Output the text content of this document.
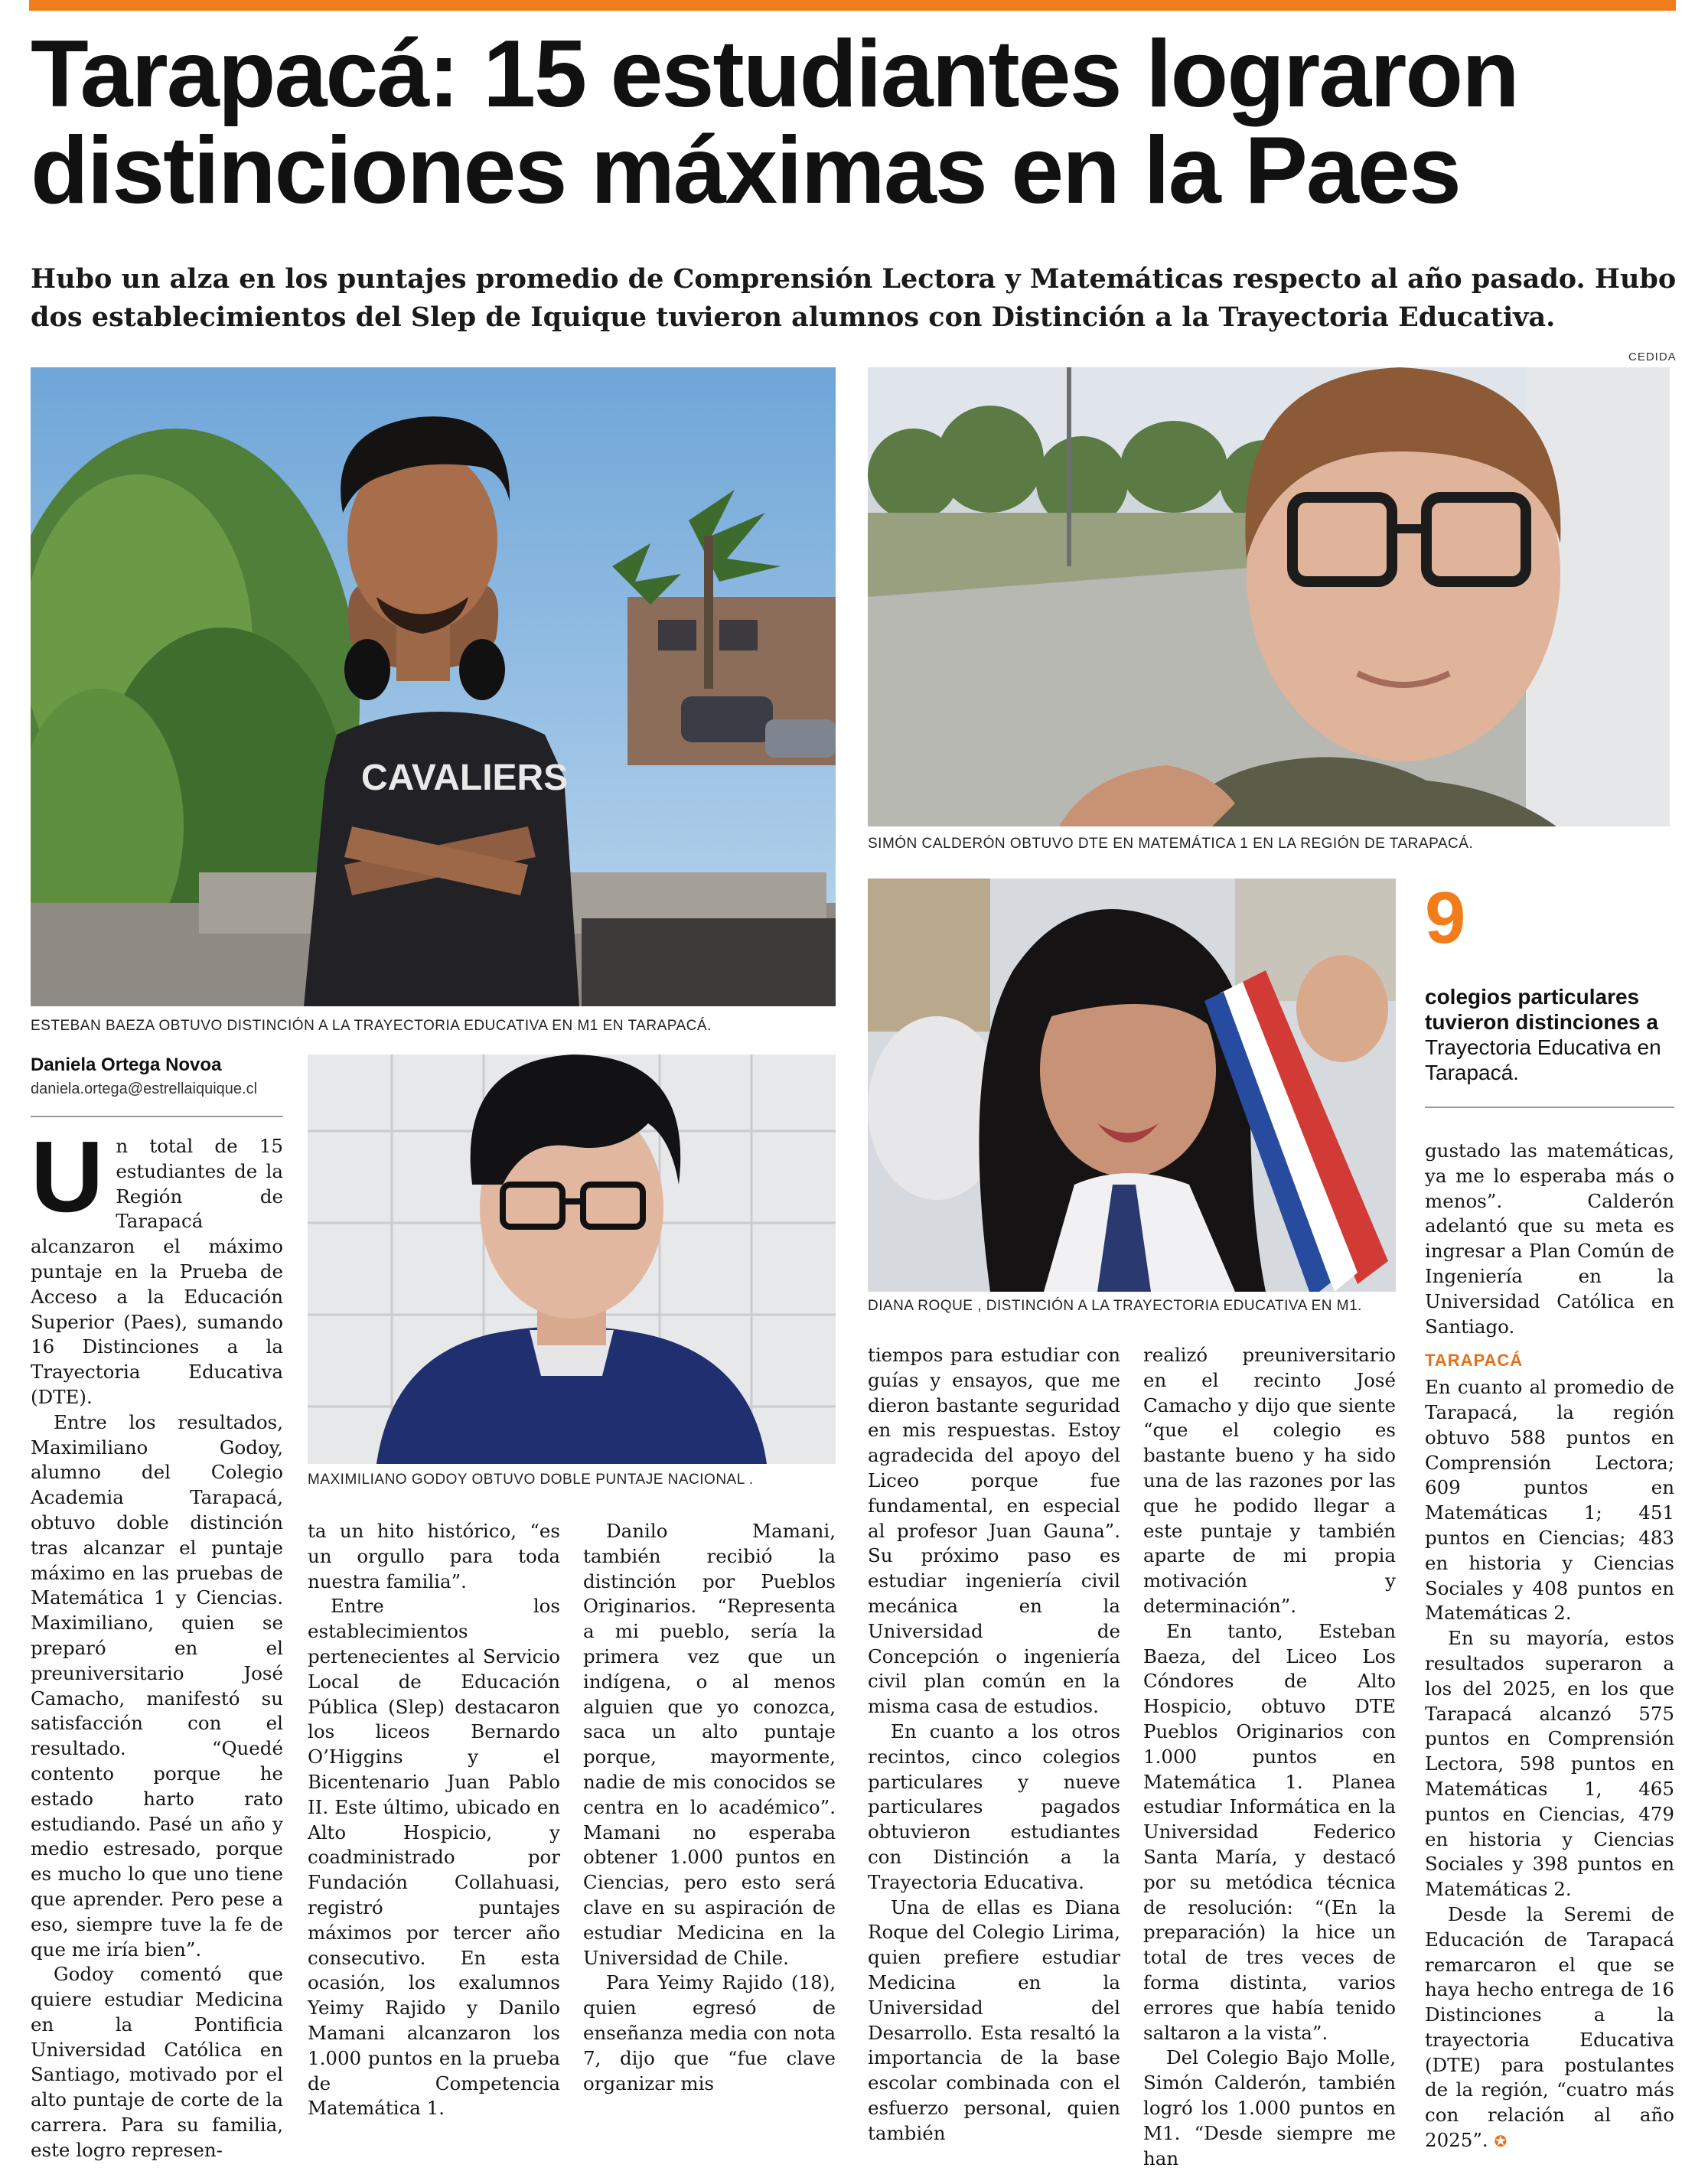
Tarapacá: 15 estudiantes lograron distinciones máximas en la Paes

Hubo un alza en los puntajes promedio de Comprensión Lectora y Matemáticas respecto al año pasado. Hubo dos establecimientos del Slep de Iquique tuvieron alumnos con Distinción a la Trayectoria Educativa.

CEDIDA
CAVALIERS
ESTEBAN BAEZA OBTUVO DISTINCIÓN A LA TRAYECTORIA EDUCATIVA EN M1 EN TARAPACÁ.
SIMÓN CALDERÓN OBTUVO DTE EN MATEMÁTICA 1 EN LA REGIÓN DE TARAPACÁ.
DIANA ROQUE , DISTINCIÓN A LA TRAYECTORIA EDUCATIVA EN M1.
MAXIMILIANO GODOY OBTUVO DOBLE PUNTAJE NACIONAL .
Daniela Ortega Novoa
daniela.ortega@estrellaiquique.cl
9
colegios particulares tuvieron distinciones a
Trayectoria Educativa en Tarapacá.
U n total de 15 estudiantes de la Región de Tarapacá alcanzaron el máximo puntaje en la Prueba de Acceso a la Educación Superior (Paes), sumando 16 Distinciones a la Trayectoria Educativa (DTE).

Entre los resultados, Maximiliano Godoy, alumno del Colegio Academia Tarapacá, obtuvo doble distinción tras alcanzar el puntaje máximo en las pruebas de Matemática 1 y Ciencias. Maximiliano, quien se preparó en el preuniversitario José Camacho, manifestó su satisfacción con el resultado. “Quedé contento porque he estado harto rato estudiando. Pasé un año y medio estresado, porque es mucho lo que uno tiene que aprender. Pero pese a eso, siempre tuve la fe de que me iría bien”.

Godoy comentó que quiere estudiar Medicina en la Pontificia Universidad Católica en Santiago, motivado por el alto puntaje de corte de la carrera. Para su familia, este logro represen-

ta un hito histórico, “es un orgullo para toda nuestra familia”.

Entre los establecimientos pertenecientes al Servicio Local de Educación Pública (Slep) destacaron los liceos Bernardo O’Higgins y el Bicentenario Juan Pablo II. Este último, ubicado en Alto Hospicio, y coadministrado por Fundación Collahuasi, registró puntajes máximos por tercer año consecutivo. En esta ocasión, los exalumnos Yeimy Rajido y Danilo Mamani alcanzaron los 1.000 puntos en la prueba de Competencia Matemática 1.

Danilo Mamani, también recibió la distinción por Pueblos Originarios. “Representa a mi pueblo, sería la primera vez que un indígena, o al menos alguien que yo conozca, saca un alto puntaje porque, mayormente, nadie de mis conocidos se centra en lo académico”. Mamani no esperaba obtener 1.000 puntos en Ciencias, pero esto será clave en su aspiración de estudiar Medicina en la Universidad de Chile.

Para Yeimy Rajido (18), quien egresó de enseñanza media con nota 7, dijo que “fue clave organizar mis

tiempos para estudiar con guías y ensayos, que me dieron bastante seguridad en mis respuestas. Estoy agradecida del apoyo del Liceo porque fue fundamental, en especial al profesor Juan Gauna”. Su próximo paso es estudiar ingeniería civil mecánica en la Universidad de Concepción o ingeniería civil plan común en la misma casa de estudios.

En cuanto a los otros recintos, cinco colegios particulares y nueve particulares pagados obtuvieron estudiantes con Distinción a la Trayectoria Educativa.

Una de ellas es Diana Roque del Colegio Lirima, quien prefiere estudiar Medicina en la Universidad del Desarrollo. Esta resaltó la importancia de la base escolar combinada con el esfuerzo personal, quien también

realizó preuniversitario en el recinto José Camacho y dijo que siente “que el colegio es bastante bueno y ha sido una de las razones por las que he podido llegar a este puntaje y también aparte de mi propia motivación y determinación”.

En tanto, Esteban Baeza, del Liceo Los Cóndores de Alto Hospicio, obtuvo DTE Pueblos Originarios con 1.000 puntos en Matemática 1. Planea estudiar Informática en la Universidad Federico Santa María, y destacó por su metódica técnica de resolución: “(En la preparación) la hice un total de tres veces de forma distinta, varios errores que había tenido saltaron a la vista”.

Del Colegio Bajo Molle, Simón Calderón, también logró los 1.000 puntos en M1. “Desde siempre me han

gustado las matemáticas, ya me lo esperaba más o menos”. Calderón adelantó que su meta es ingresar a Plan Común de Ingeniería en la Universidad Católica en Santiago.

TARAPACÁ

En cuanto al promedio de Tarapacá, la región obtuvo 588 puntos en Comprensión Lectora; 609 puntos en Matemáticas 1; 451 puntos en Ciencias; 483 en historia y Ciencias Sociales y 408 puntos en Matemáticas 2.

En su mayoría, estos resultados superaron a los del 2025, en los que Tarapacá alcanzó 575 puntos en Comprensión Lectora, 598 puntos en Matemáticas 1, 465 puntos en Ciencias, 479 en historia y Ciencias Sociales y 398 puntos en Matemáticas 2.

Desde la Seremi de Educación de Tarapacá remarcaron el que se haya hecho entrega de 16 Distinciones a la trayectoria Educativa (DTE) para postulantes de la región, “cuatro más con relación al año 2025”. ✪
